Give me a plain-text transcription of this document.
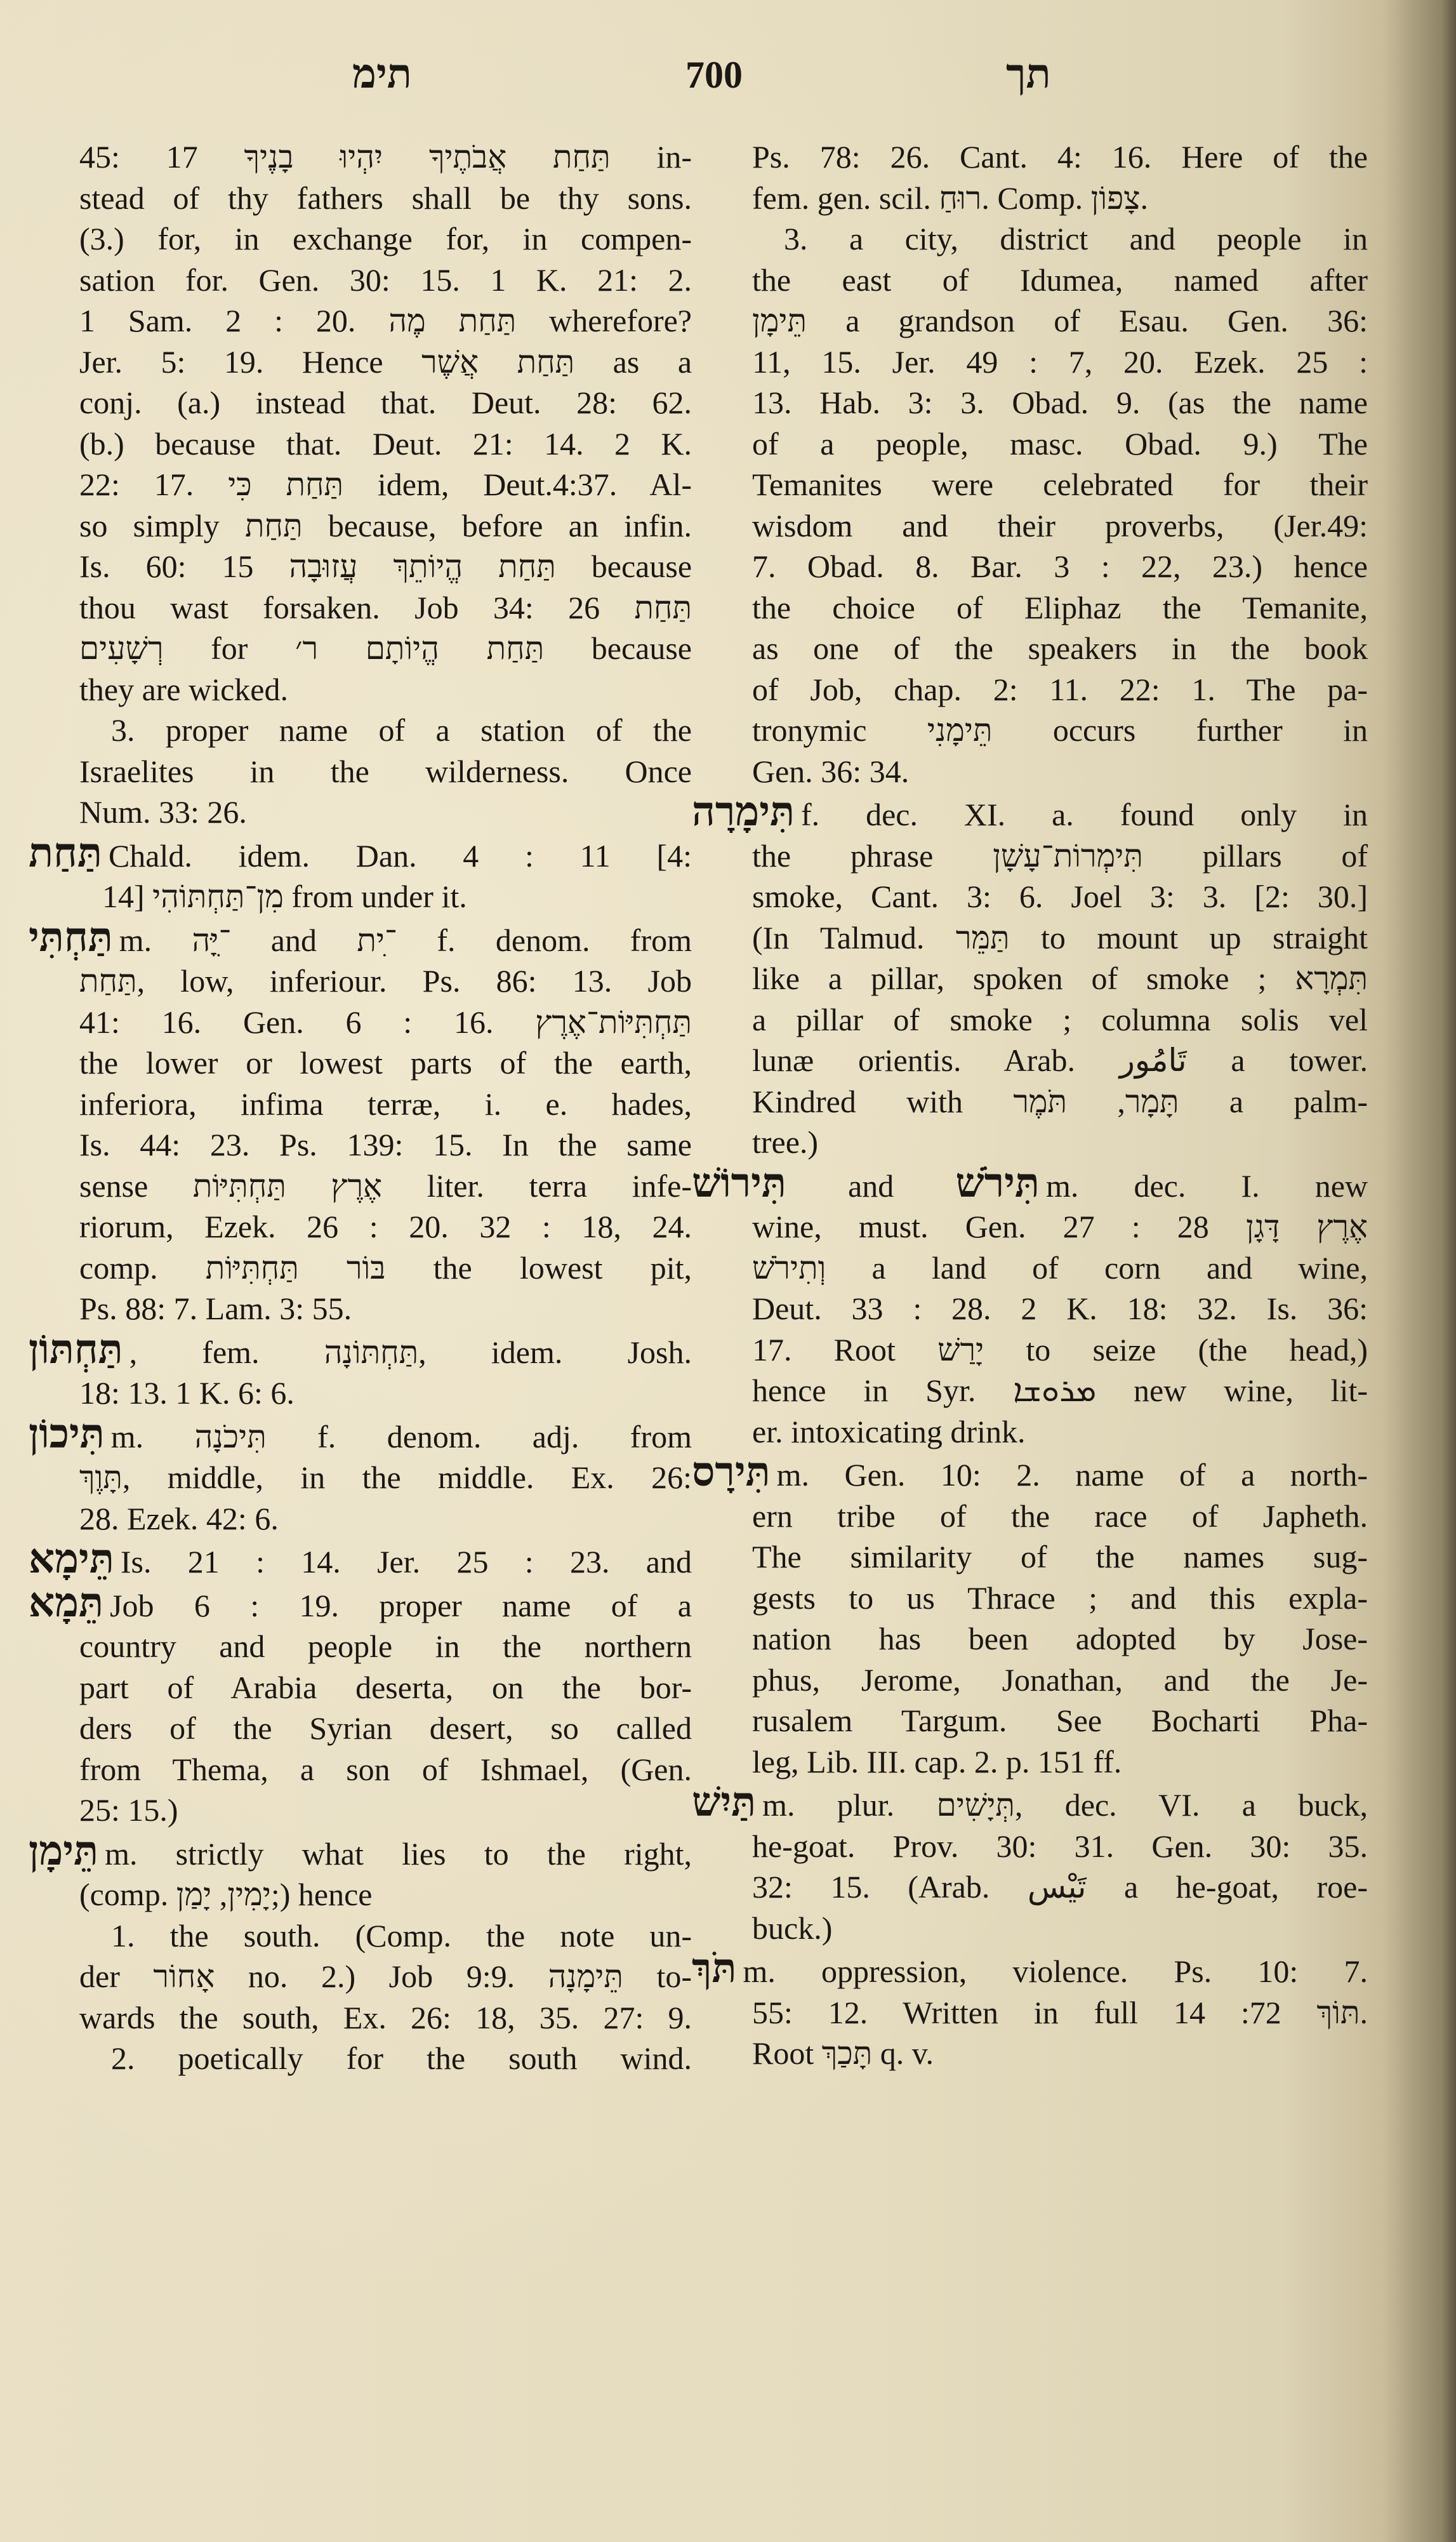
תימ	700	תך
45: 17 תַּחַת אֲבֹתֶיךָ יִהְיוּ בָנֶיךָ in-
stead of thy fathers shall be thy sons.
(3.) for, in exchange for, in compen-
sation for. Gen. 30: 15. 1 K. 21: 2.
1 Sam. 2 : 20. תַּחַת מֶה wherefore?
Jer. 5: 19. Hence תַּחַת אֲשֶׁר as a
conj. (a.) instead that. Deut. 28: 62.
(b.) because that. Deut. 21: 14. 2 K.
22: 17. תַּחַת כִּי idem, Deut.4:37. Al-
so simply תַּחַת because, before an infin.
Is. 60: 15 תַּחַת הֱיוֹתֵךְ עֲזוּבָה because
thou wast forsaken. Job 34: 26 תַּחַת
רְשָׁעִים for תַּחַת הֱיוֹתָם ר׳ because
they are wicked.
3. proper name of a station of the
Israelites in the wilderness. Once
Num. 33: 26.
תַּחַת Chald. idem. Dan. 4 : 11 [4:
14] מִן־תַּחְתּוֹהִי from under it.
תַּחְתִּי m. ־ִיָּה and ־ִית f. denom. from
תַּחַת, low, inferiour. Ps. 86: 13. Job
41: 16. Gen. 6 : 16. תַּחְתִּיּוֹת־אֶרֶץ
the lower or lowest parts of the earth,
inferiora, infima terræ, i. e. hades,
Is. 44: 23. Ps. 139: 15. In the same
sense אֶרֶץ תַּחְתִּיּוֹת liter. terra infe-
riorum, Ezek. 26 : 20. 32 : 18, 24.
comp. בּוֹר תַּחְתִּיּוֹת the lowest pit,
Ps. 88: 7. Lam. 3: 55.
תַּחְתּוֹן , fem. תַּחְתּוֹנָה, idem. Josh.
18: 13. 1 K. 6: 6.
תִּיכוֹן m. תִּיכֹנָה f. denom. adj. from
תָּוֶךְ, middle, in the middle. Ex. 26:
28. Ezek. 42: 6.
תֵּימָא Is. 21 : 14. Jer. 25 : 23. and
תֵּמָא Job 6 : 19. proper name of a
country and people in the northern
part of Arabia deserta, on the bor-
ders of the Syrian desert, so called
from Thema, a son of Ishmael, (Gen.
25: 15.)
תֵּימָן m. strictly what lies to the right,
(comp. יָמִין, יָמַן;) hence
1. the south. (Comp. the note un-
der אָחוֹר no. 2.) Job 9:9. תֵּימָנָה to-
wards the south, Ex. 26: 18, 35. 27: 9.
2. poetically for the south wind.
Ps. 78: 26. Cant. 4: 16. Here of the
fem. gen. scil. רוּחַ. Comp. צָפוֹן.
3. a city, district and people in
the east of Idumea, named after
תֵּימָן a grandson of Esau. Gen. 36:
11, 15. Jer. 49 : 7, 20. Ezek. 25 :
13. Hab. 3: 3. Obad. 9. (as the name
of a people, masc. Obad. 9.) The
Temanites were celebrated for their
wisdom and their proverbs, (Jer.49:
7. Obad. 8. Bar. 3 : 22, 23.) hence
the choice of Eliphaz the Temanite,
as one of the speakers in the book
of Job, chap. 2: 11. 22: 1. The pa-
tronymic תֵּימָנִי occurs further in
Gen. 36: 34.
תִּימָרָה f. dec. XI. a. found only in
the phrase תִּימְרוֹת־עָשָׁן pillars of
smoke, Cant. 3: 6. Joel 3: 3. [2: 30.]
(In Talmud. תַּמֵּר to mount up straight
like a pillar, spoken of smoke ; תִּמְרָא
a pillar of smoke ; columna solis vel
lunæ orientis. Arab. تَامُور a tower.
Kindred with תָּמָר, תֹּמֶר a palm-
tree.)
תִּירוֹשׁ and תִּירֹשׁ m. dec. I. new
wine, must. Gen. 27 : 28 אֶרֶץ דָּגָן
וְתִירֹשׁ a land of corn and wine,
Deut. 33 : 28. 2 K. 18: 32. Is. 36:
17. Root יָרַשׁ to seize (the head,)
hence in Syr. ܡܪܘܫܐ new wine, lit-
er. intoxicating drink.
תִּירָס m. Gen. 10: 2. name of a north-
ern tribe of the race of Japheth.
The similarity of the names sug-
gests to us Thrace ; and this expla-
nation has been adopted by Jose-
phus, Jerome, Jonathan, and the Je-
rusalem Targum. See Bocharti Pha-
leg, Lib. III. cap. 2. p. 151 ff.
תַּיִשׁ m. plur. תְּיָשִׁים, dec. VI. a buck,
he-goat. Prov. 30: 31. Gen. 30: 35.
32: 15. (Arab. تَيْس a he-goat, roe-
buck.)
תֹּךְ m. oppression, violence. Ps. 10: 7.
55: 12. Written in full תּוֹךְ 72: 14.
Root תָּכַךְ q. v.
